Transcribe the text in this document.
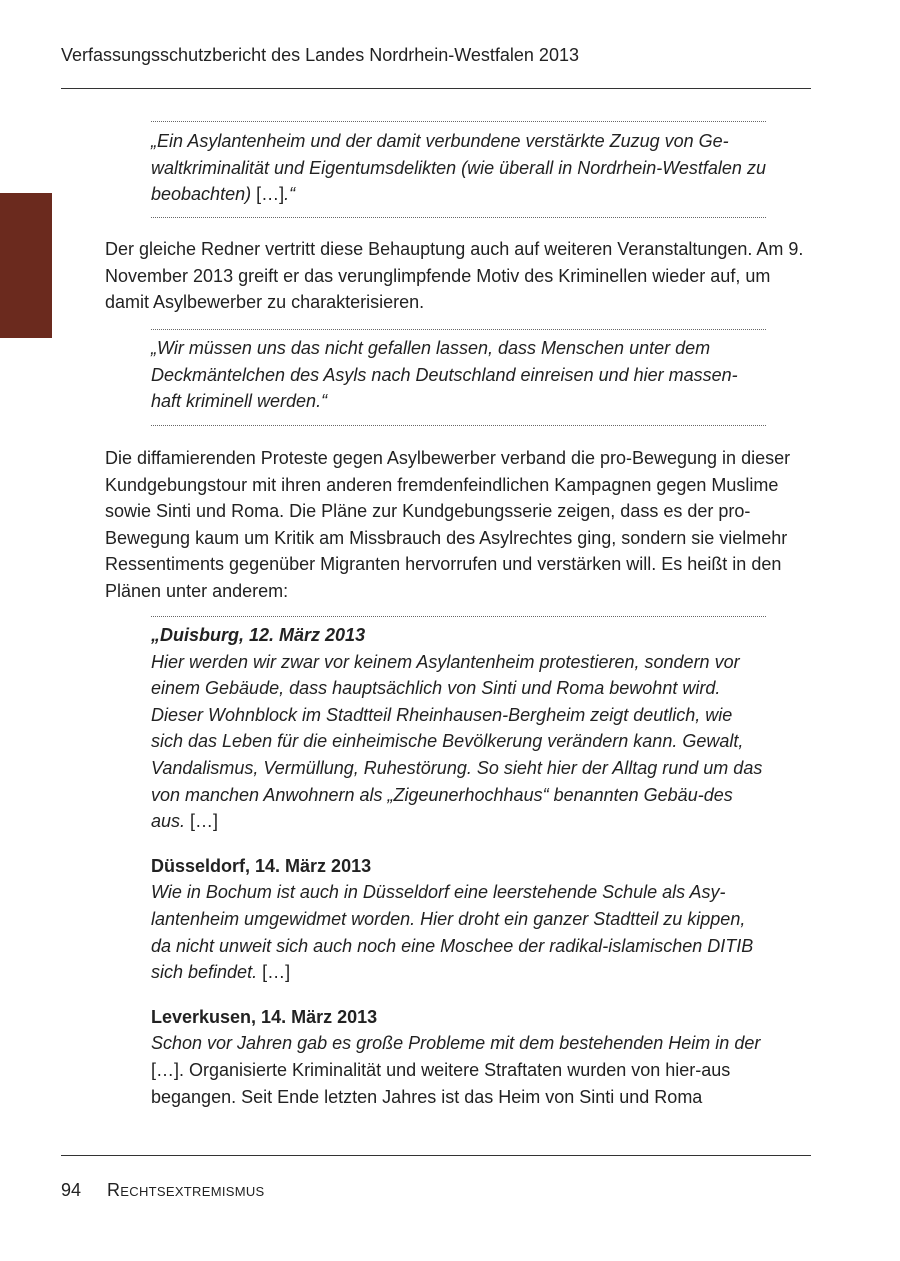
Verfassungsschutzbericht des Landes Nordrhein-Westfalen 2013

„Ein Asylantenheim und der damit verbundene verstärkte Zuzug von Ge-waltkriminalität und Eigentumsdelikten (wie überall in Nordrhein-Westfalen zu beobachten) […].“

Der gleiche Redner vertritt diese Behauptung auch auf weiteren Veranstaltungen. Am 9. November 2013 greift er das verunglimpfende Motiv des Kriminellen wieder auf, um damit Asylbewerber zu charakterisieren.

„Wir müssen uns das nicht gefallen lassen, dass Menschen unter dem Deckmäntelchen des Asyls nach Deutschland einreisen und hier massen-haft kriminell werden.“

Die diffamierenden Proteste gegen Asylbewerber verband die pro-Bewegung in dieser Kundgebungstour mit ihren anderen fremdenfeindlichen Kampagnen gegen Muslime sowie Sinti und Roma. Die Pläne zur Kundgebungsserie zeigen, dass es der pro-Bewegung kaum um Kritik am Missbrauch des Asylrechtes ging, sondern sie vielmehr Ressentiments gegenüber Migranten hervorrufen und verstärken will. Es heißt in den Plänen unter anderem:

„Duisburg, 12. März 2013

Hier werden wir zwar vor keinem Asylantenheim protestieren, sondern vor einem Gebäude, dass hauptsächlich von Sinti und Roma bewohnt wird. Dieser Wohnblock im Stadtteil Rheinhausen-Bergheim zeigt deutlich, wie sich das Leben für die einheimische Bevölkerung verändern kann. Gewalt, Vandalismus, Vermüllung, Ruhestörung. So sieht hier der Alltag rund um das von manchen Anwohnern als „Zigeunerhochhaus“ benannten Gebäu-des aus. […]

Düsseldorf, 14. März 2013

Wie in Bochum ist auch in Düsseldorf eine leerstehende Schule als Asy-lantenheim umgewidmet worden. Hier droht ein ganzer Stadtteil zu kippen, da nicht unweit sich auch noch eine Moschee der radikal-islamischen DITIB sich befindet. […]

Leverkusen, 14. März 2013

Schon vor Jahren gab es große Probleme mit dem bestehenden Heim in der […]. Organisierte Kriminalität und weitere Straftaten wurden von hier-aus begangen. Seit Ende letzten Jahres ist das Heim von Sinti und Roma

94 Rechtsextremismus
